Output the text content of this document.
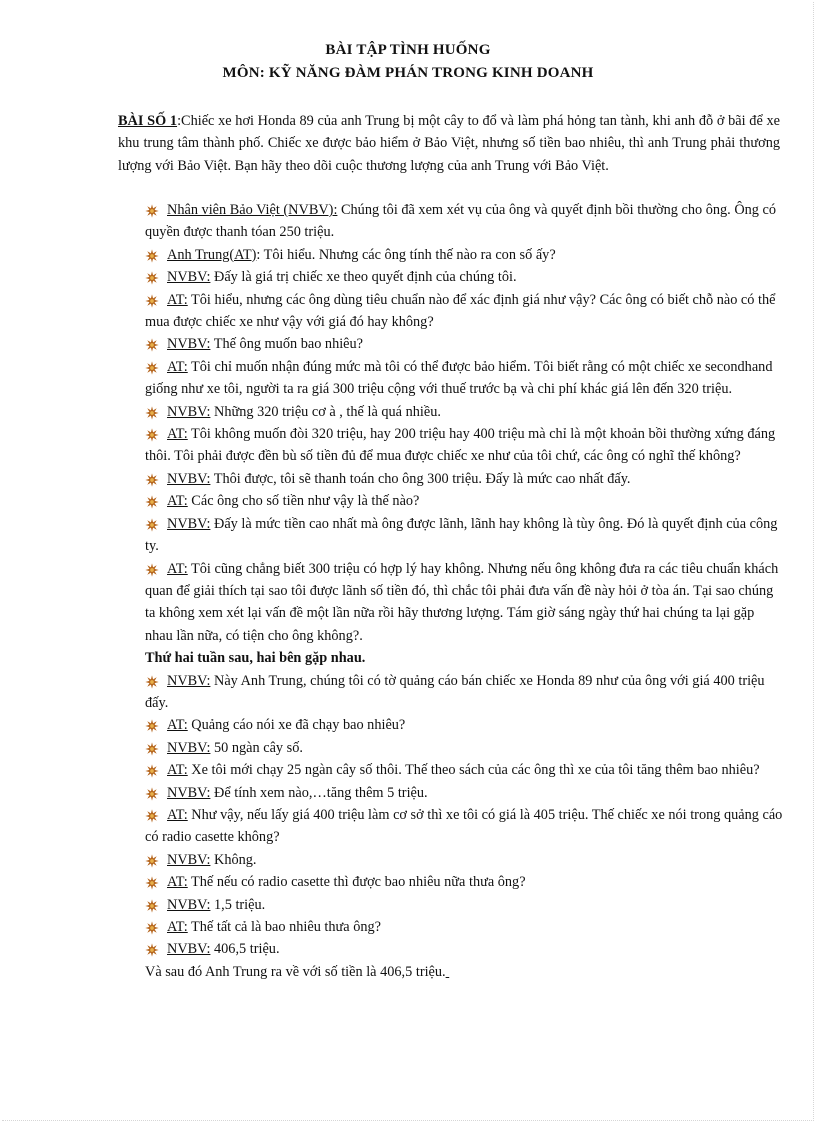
BÀI TẬP TÌNH HUỐNG
MÔN: KỸ NĂNG ĐÀM PHÁN TRONG KINH DOANH

BÀI SỐ 1:Chiếc xe hơi Honda 89 của anh Trung bị một cây to đổ và làm phá hỏng tan tành, khi anh đỗ ở bãi để xe khu trung tâm thành phố. Chiếc xe được bảo hiểm ở Bảo Việt, nhưng số tiền bao nhiêu, thì anh Trung phải thương lượng với Bảo Việt. Bạn hãy theo dõi cuộc thương lượng của anh Trung với Bảo Việt.

Nhân viên Bảo Việt (NVBV): Chúng tôi đã xem xét vụ của ông và quyết định bồi thường cho ông. Ông có quyền được thanh tóan 250 triệu.

Anh Trung(AT): Tôi hiểu. Nhưng các ông tính thế nào ra con số ấy?

NVBV: Đấy là giá trị chiếc xe theo quyết định của chúng tôi.

AT: Tôi hiểu, nhưng các ông dùng tiêu chuẩn nào để xác định giá như vậy? Các ông có biết chỗ nào có thể mua được chiếc xe như vậy với giá đó hay không?

NVBV: Thế ông muốn bao nhiêu?

AT: Tôi chỉ muốn nhận đúng mức mà tôi có thể được bảo hiểm. Tôi biết rằng có một chiếc xe secondhand giống như xe tôi, người ta ra giá 300 triệu cộng với thuế trước bạ và chi phí khác giá lên đến 320 triệu.

NVBV: Những 320 triệu cơ à , thế là quá nhiều.

AT: Tôi không muốn đòi 320 triệu, hay 200 triệu hay 400 triệu mà chỉ là một khoản bồi thường xứng đáng thôi. Tôi phải được đền bù số tiền đủ để mua được chiếc xe như của tôi chứ, các ông có nghĩ thế không?

NVBV: Thôi được, tôi sẽ thanh toán cho ông 300 triệu. Đấy là mức cao nhất đấy.

AT: Các ông cho số tiền như vậy là thế nào?

NVBV: Đấy là mức tiền cao nhất mà ông được lãnh, lãnh hay không là tùy ông. Đó là quyết định của công ty.

AT: Tôi cũng chẳng biết 300 triệu có hợp lý hay không. Nhưng nếu ông không đưa ra các tiêu chuẩn khách quan để giải thích tại sao tôi được lãnh số tiền đó, thì chắc tôi phải đưa vấn đề này hỏi ở tòa án. Tại sao chúng ta không xem xét lại vấn đề một lần nữa rồi hãy thương lượng. Tám giờ sáng ngày thứ hai chúng ta lại gặp nhau lần nữa, có tiện cho ông không?.

Thứ hai tuần sau, hai bên gặp nhau.

NVBV: Này Anh Trung, chúng tôi có tờ quảng cáo bán chiếc xe Honda 89 như của ông với giá 400 triệu đấy.

AT: Quảng cáo nói xe đã chạy bao nhiêu?

NVBV: 50 ngàn cây số.

AT: Xe tôi mới chạy 25 ngàn cây số thôi. Thế theo sách của các ông thì xe của tôi tăng thêm bao nhiêu?

NVBV: Để tính xem nào,…tăng thêm 5 triệu.

AT: Như vậy, nếu lấy giá 400 triệu làm cơ sở thì xe tôi có giá là 405 triệu. Thế chiếc xe nói trong quảng cáo có radio casette không?

NVBV: Không.

AT: Thế nếu có radio casette thì được bao nhiêu nữa thưa ông?

NVBV: 1,5 triệu.

AT: Thế tất cả là bao nhiêu thưa ông?

NVBV: 406,5 triệu.

Và sau đó Anh Trung ra về với số tiền là 406,5 triệu.
